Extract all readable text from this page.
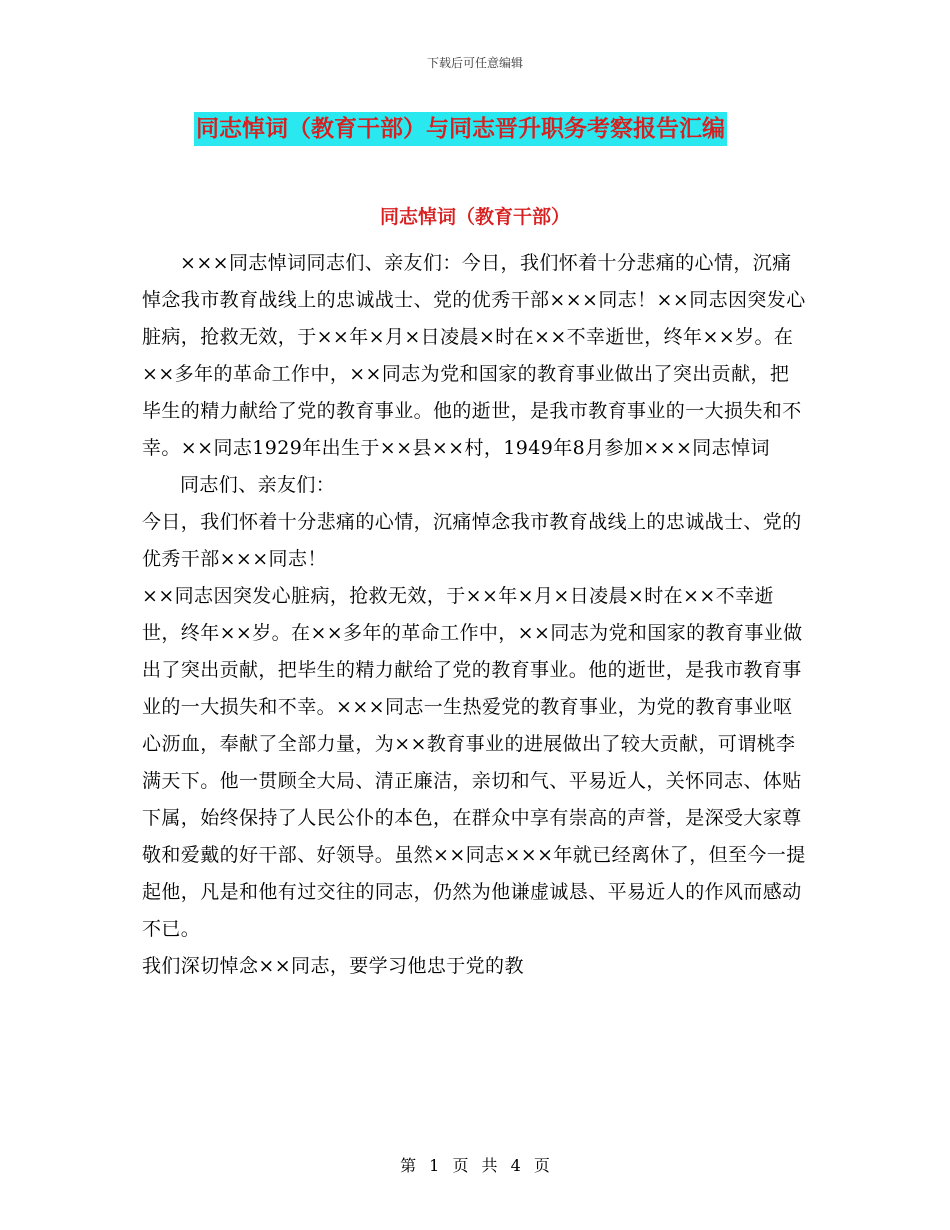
下载后可任意编辑
同志悼词（教育干部）与同志晋升职务考察报告汇编
同志悼词（教育干部）

×××同志悼词同志们、亲友们：今日，我们怀着十分悲痛的心情，沉痛悼念我市教育战线上的忠诚战士、党的优秀干部×××同志！××同志因突发心脏病，抢救无效，于××年×月×日凌晨×时在××不幸逝世，终年××岁。在××多年的革命工作中，××同志为党和国家的教育事业做出了突出贡献，把毕生的精力献给了党的教育事业。他的逝世，是我市教育事业的一大损失和不幸。××同志1929年出生于××县××村，1949年8月参加×××同志悼词

同志们、亲友们：

今日，我们怀着十分悲痛的心情，沉痛悼念我市教育战线上的忠诚战士、党的优秀干部×××同志！

××同志因突发心脏病，抢救无效，于××年×月×日凌晨×时在××不幸逝世，终年××岁。在××多年的革命工作中，××同志为党和国家的教育事业做出了突出贡献，把毕生的精力献给了党的教育事业。他的逝世，是我市教育事业的一大损失和不幸。×××同志一生热爱党的教育事业，为党的教育事业呕心沥血，奉献了全部力量，为××教育事业的进展做出了较大贡献，可谓桃李满天下。他一贯顾全大局、清正廉洁，亲切和气、平易近人，关怀同志、体贴下属，始终保持了人民公仆的本色，在群众中享有崇高的声誉，是深受大家尊敬和爱戴的好干部、好领导。虽然××同志×××年就已经离休了，但至今一提起他，凡是和他有过交往的同志，仍然为他谦虚诚恳、平易近人的作风而感动不已。

我们深切悼念××同志，要学习他忠于党的教

第 1 页 共 4 页
